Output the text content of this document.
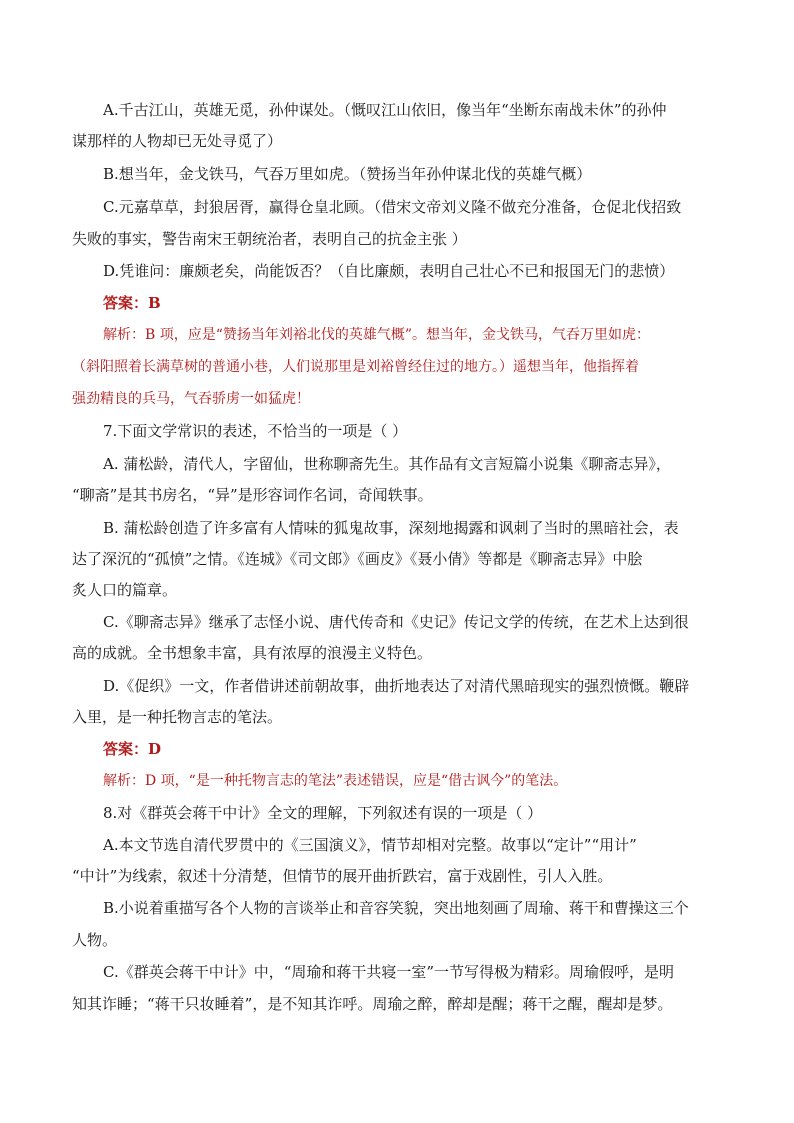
A.千古江山，英雄无觅，孙仲谋处。（慨叹江山依旧，像当年“坐断东南战未休”的孙仲
谋那样的人物却已无处寻觅了）
B.想当年，金戈铁马，气吞万里如虎。（赞扬当年孙仲谋北伐的英雄气概）
C.元嘉草草，封狼居胥，赢得仓皇北顾。（借宋文帝刘义隆不做充分准备，仓促北伐招致
失败的事实，警告南宋王朝统治者，表明自己的抗金主张 ）
D.凭谁问：廉颇老矣，尚能饭否？（自比廉颇，表明自己壮心不已和报国无门的悲愤）
答案：B
解析：B 项，应是“赞扬当年刘裕北伐的英雄气概”。想当年，金戈铁马，气吞万里如虎：
（斜阳照着长满草树的普通小巷，人们说那里是刘裕曾经住过的地方。）遥想当年，他指挥着
强劲精良的兵马，气吞骄虏一如猛虎！
7.下面文学常识的表述，不恰当的一项是（ ）
A. 蒲松龄，清代人，字留仙，世称聊斋先生。其作品有文言短篇小说集《聊斋志异》，
“聊斋”是其书房名，“异”是形容词作名词，奇闻轶事。
B. 蒲松龄创造了许多富有人情味的狐鬼故事，深刻地揭露和讽刺了当时的黑暗社会，表
达了深沉的“孤愤”之情。《连城》《司文郎》《画皮》《聂小倩》等都是《聊斋志异》中脍
炙人口的篇章。
C.《聊斋志异》继承了志怪小说、唐代传奇和《史记》传记文学的传统，在艺术上达到很
高的成就。全书想象丰富，具有浓厚的浪漫主义特色。
D.《促织》一文，作者借讲述前朝故事，曲折地表达了对清代黑暗现实的强烈愤慨。鞭辟
入里，是一种托物言志的笔法。
答案：D
解析：D 项，“是一种托物言志的笔法”表述错误，应是“借古讽今”的笔法。
8.对《群英会蒋干中计》全文的理解，下列叙述有误的一项是（ ）
A.本文节选自清代罗贯中的《三国演义》，情节却相对完整。故事以“定计”“用计”
“中计”为线索，叙述十分清楚，但情节的展开曲折跌宕，富于戏剧性，引人入胜。
B.小说着重描写各个人物的言谈举止和音容笑貌，突出地刻画了周瑜、蒋干和曹操这三个
人物。
C.《群英会蒋干中计》中，“周瑜和蒋干共寝一室”一节写得极为精彩。周瑜假呼，是明
知其诈睡；“蒋干只妆睡着”，是不知其诈呼。周瑜之醉，醉却是醒；蒋干之醒，醒却是梦。
